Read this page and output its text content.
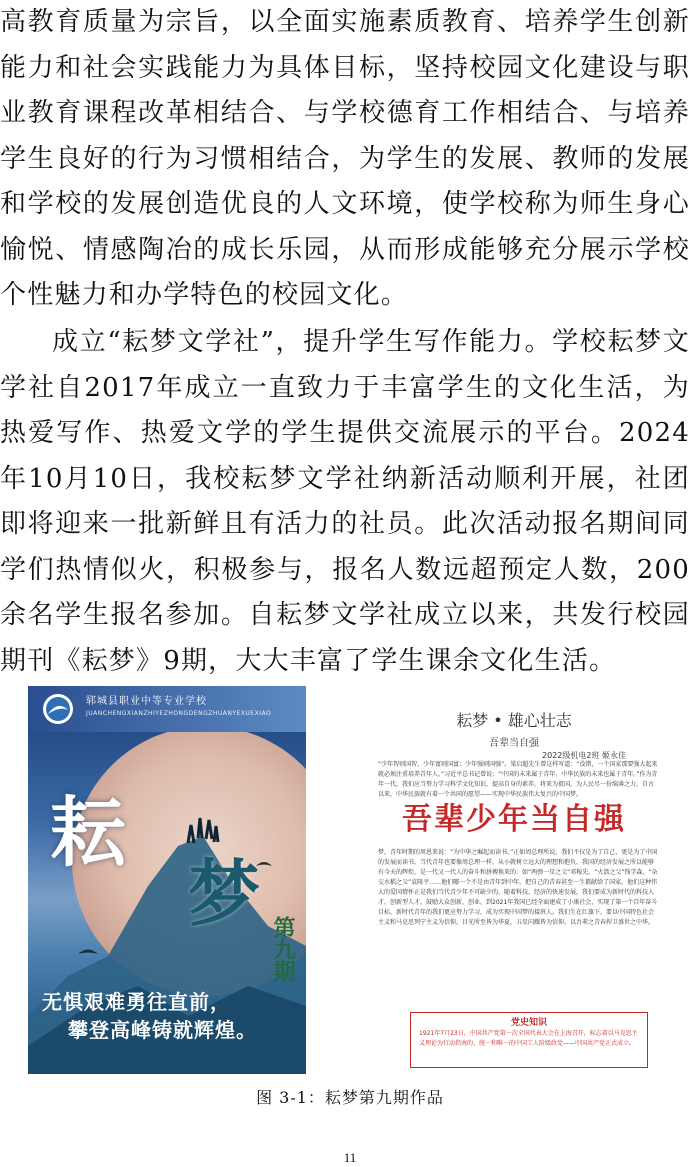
高教育质量为宗旨，以全面实施素质教育、培养学生创新能力和社会实践能力为具体目标，坚持校园文化建设与职业教育课程改革相结合、与学校德育工作相结合、与培养学生良好的行为习惯相结合，为学生的发展、教师的发展和学校的发展创造优良的人文环境，使学校称为师生身心愉悦、情感陶冶的成长乐园，从而形成能够充分展示学校个性魅力和办学特色的校园文化。

成立“耘梦文学社”，提升学生写作能力。学校耘梦文学社自2017年成立一直致力于丰富学生的文化生活，为热爱写作、热爱文学的学生提供交流展示的平台。2024年10月10日，我校耘梦文学社纳新活动顺利开展，社团即将迎来一批新鲜且有活力的社员。此次活动报名期间同学们热情似火，积极参与，报名人数远超预定人数，200余名学生报名参加。自耘梦文学社成立以来，共发行校园期刊《耘梦》9期，大大丰富了学生课余文化生活。

郓城县职业中等专业学校
JUANCHENGXIANZHIYEZHONGDENGZHUANYEXUEXIAO
耘
梦
第九期
无惧艰难勇往直前，
攀登高峰铸就辉煌。
耘梦 • 雄心壮志
吾辈当自强
2022级机电2班 姬永佳
“少年智则国智，少年富则国富；少年强则国强”。梁启超先生曾这样写道：“没错，一个国家那要强大起来就必须注重培养青年人。”习近平总书记曾说：“中国的未来属于青年，中华民族的未来也属于青年。”作为青年一代，我们应当努力学习科学文化知识，提高自身的素养，将来为祖国，为人民尽一份绵薄之力。自古以来，中华民族就有着一个共同的愿望——实现中华民族伟大复兴的中国梦。
吾辈少年当自强
梦，青年时期的周恩来说：“为中华之崛起而读书。”正如周总理所说，我们不仅是为了自己，更是为了中国的发展而读书。当代青年也要像周总理一样，从小就树立远大的理想和抱负。我国的经济发展之所以能够有今天的辉煌，是一代又一代人的奋斗和拼搏换来的：如“两弹一星之父”邓稼先、“火箭之父”钱学森、“杂交水稻之父”袁隆平……他们哪一个不是由青年到中年，把自己的青春甚至一生都献给了国家。他们这种伟大的爱国情怀正是我们当代青少年不可缺少的。随着科技、经济的快速发展，我们要成为新时代的科技人才，创新型人才，鼓励大众创新，创业。到2021年我国已经全面建成了小康社会，实现了第一个百年奋斗目标，新时代青年的我们更应努力学习，成为实现中国梦的接班人。我们生在红旗下，要以中国特色社会主义和马克思列宁主义为信仰，目光所至皆为华夏，五星闪耀皆为信仰。以吾辈之青春捍卫盛世之中华。
党史知识
1921年7月23日，中国共产党第一次全国代表大会在上海召开，标志着以马克思主义理论为行动指南的、统一和唯一的中国工人阶级政党——中国共产党正式成立。
图 3-1：耘梦第九期作品
11
